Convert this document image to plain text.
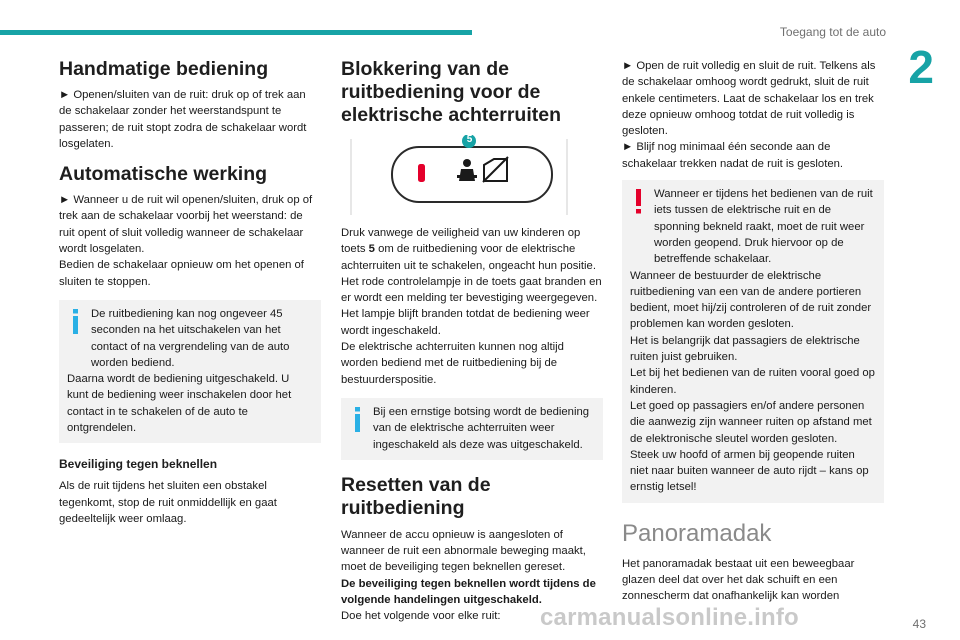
Toegang tot de auto
2
Handmatige bediening

► Openen/sluiten van de ruit: druk op of trek aan de schakelaar zonder het weerstandspunt te passeren; de ruit stopt zodra de schakelaar wordt losgelaten.

Automatische werking

► Wanneer u de ruit wil openen/sluiten, druk op of trek aan de schakelaar voorbij het weerstand: de ruit opent of sluit volledig wanneer de schakelaar wordt losgelaten.

Bedien de schakelaar opnieuw om het openen of sluiten te stoppen.

De ruitbediening kan nog ongeveer 45 seconden na het uitschakelen van het contact of na vergrendeling van de auto worden bediend.

Daarna wordt de bediening uitgeschakeld. U kunt de bediening weer inschakelen door het contact in te schakelen of de auto te ontgrendelen.

Beveiliging tegen beknellen

Als de ruit tijdens het sluiten een obstakel tegenkomt, stop de ruit onmiddellijk en gaat gedeeltelijk weer omlaag.

Blokkering van de ruitbediening voor de elektrische achterruiten
5

Druk vanwege de veiligheid van uw kinderen op toets 5 om de ruitbediening voor de elektrische achterruiten uit te schakelen, ongeacht hun positie.

Het rode controlelampje in de toets gaat branden en er wordt een melding ter bevestiging weergegeven. Het lampje blijft branden totdat de bediening weer wordt ingeschakeld.

De elektrische achterruiten kunnen nog altijd worden bediend met de ruitbediening bij de bestuurderspositie.

Bij een ernstige botsing wordt de bediening van de elektrische achterruiten weer ingeschakeld als deze was uitgeschakeld.

Resetten van de ruitbediening

Wanneer de accu opnieuw is aangesloten of wanneer de ruit een abnormale beweging maakt, moet de beveiliging tegen beknellen gereset.

De beveiliging tegen beknellen wordt tijdens de volgende handelingen uitgeschakeld.

Doe het volgende voor elke ruit:

► Open de ruit volledig en sluit de ruit. Telkens als de schakelaar omhoog wordt gedrukt, sluit de ruit enkele centimeters. Laat de schakelaar los en trek deze opnieuw omhoog totdat de ruit volledig is gesloten.

► Blijf nog minimaal één seconde aan de schakelaar trekken nadat de ruit is gesloten.

Wanneer er tijdens het bedienen van de ruit iets tussen de elektrische ruit en de sponning bekneld raakt, moet de ruit weer worden geopend. Druk hiervoor op de betreffende schakelaar.

Wanneer de bestuurder de elektrische ruitbediening van een van de andere portieren bedient, moet hij/zij controleren of de ruit zonder problemen kan worden gesloten.

Het is belangrijk dat passagiers de elektrische ruiten juist gebruiken.

Let bij het bedienen van de ruiten vooral goed op kinderen.

Let goed op passagiers en/of andere personen die aanwezig zijn wanneer ruiten op afstand met de elektronische sleutel worden gesloten.

Steek uw hoofd of armen bij geopende ruiten niet naar buiten wanneer de auto rijdt – kans op ernstig letsel!

Panoramadak

Het panoramadak bestaat uit een beweegbaar glazen deel dat over het dak schuift en een zonnescherm dat onafhankelijk kan worden

carmanualsonline.info	43
